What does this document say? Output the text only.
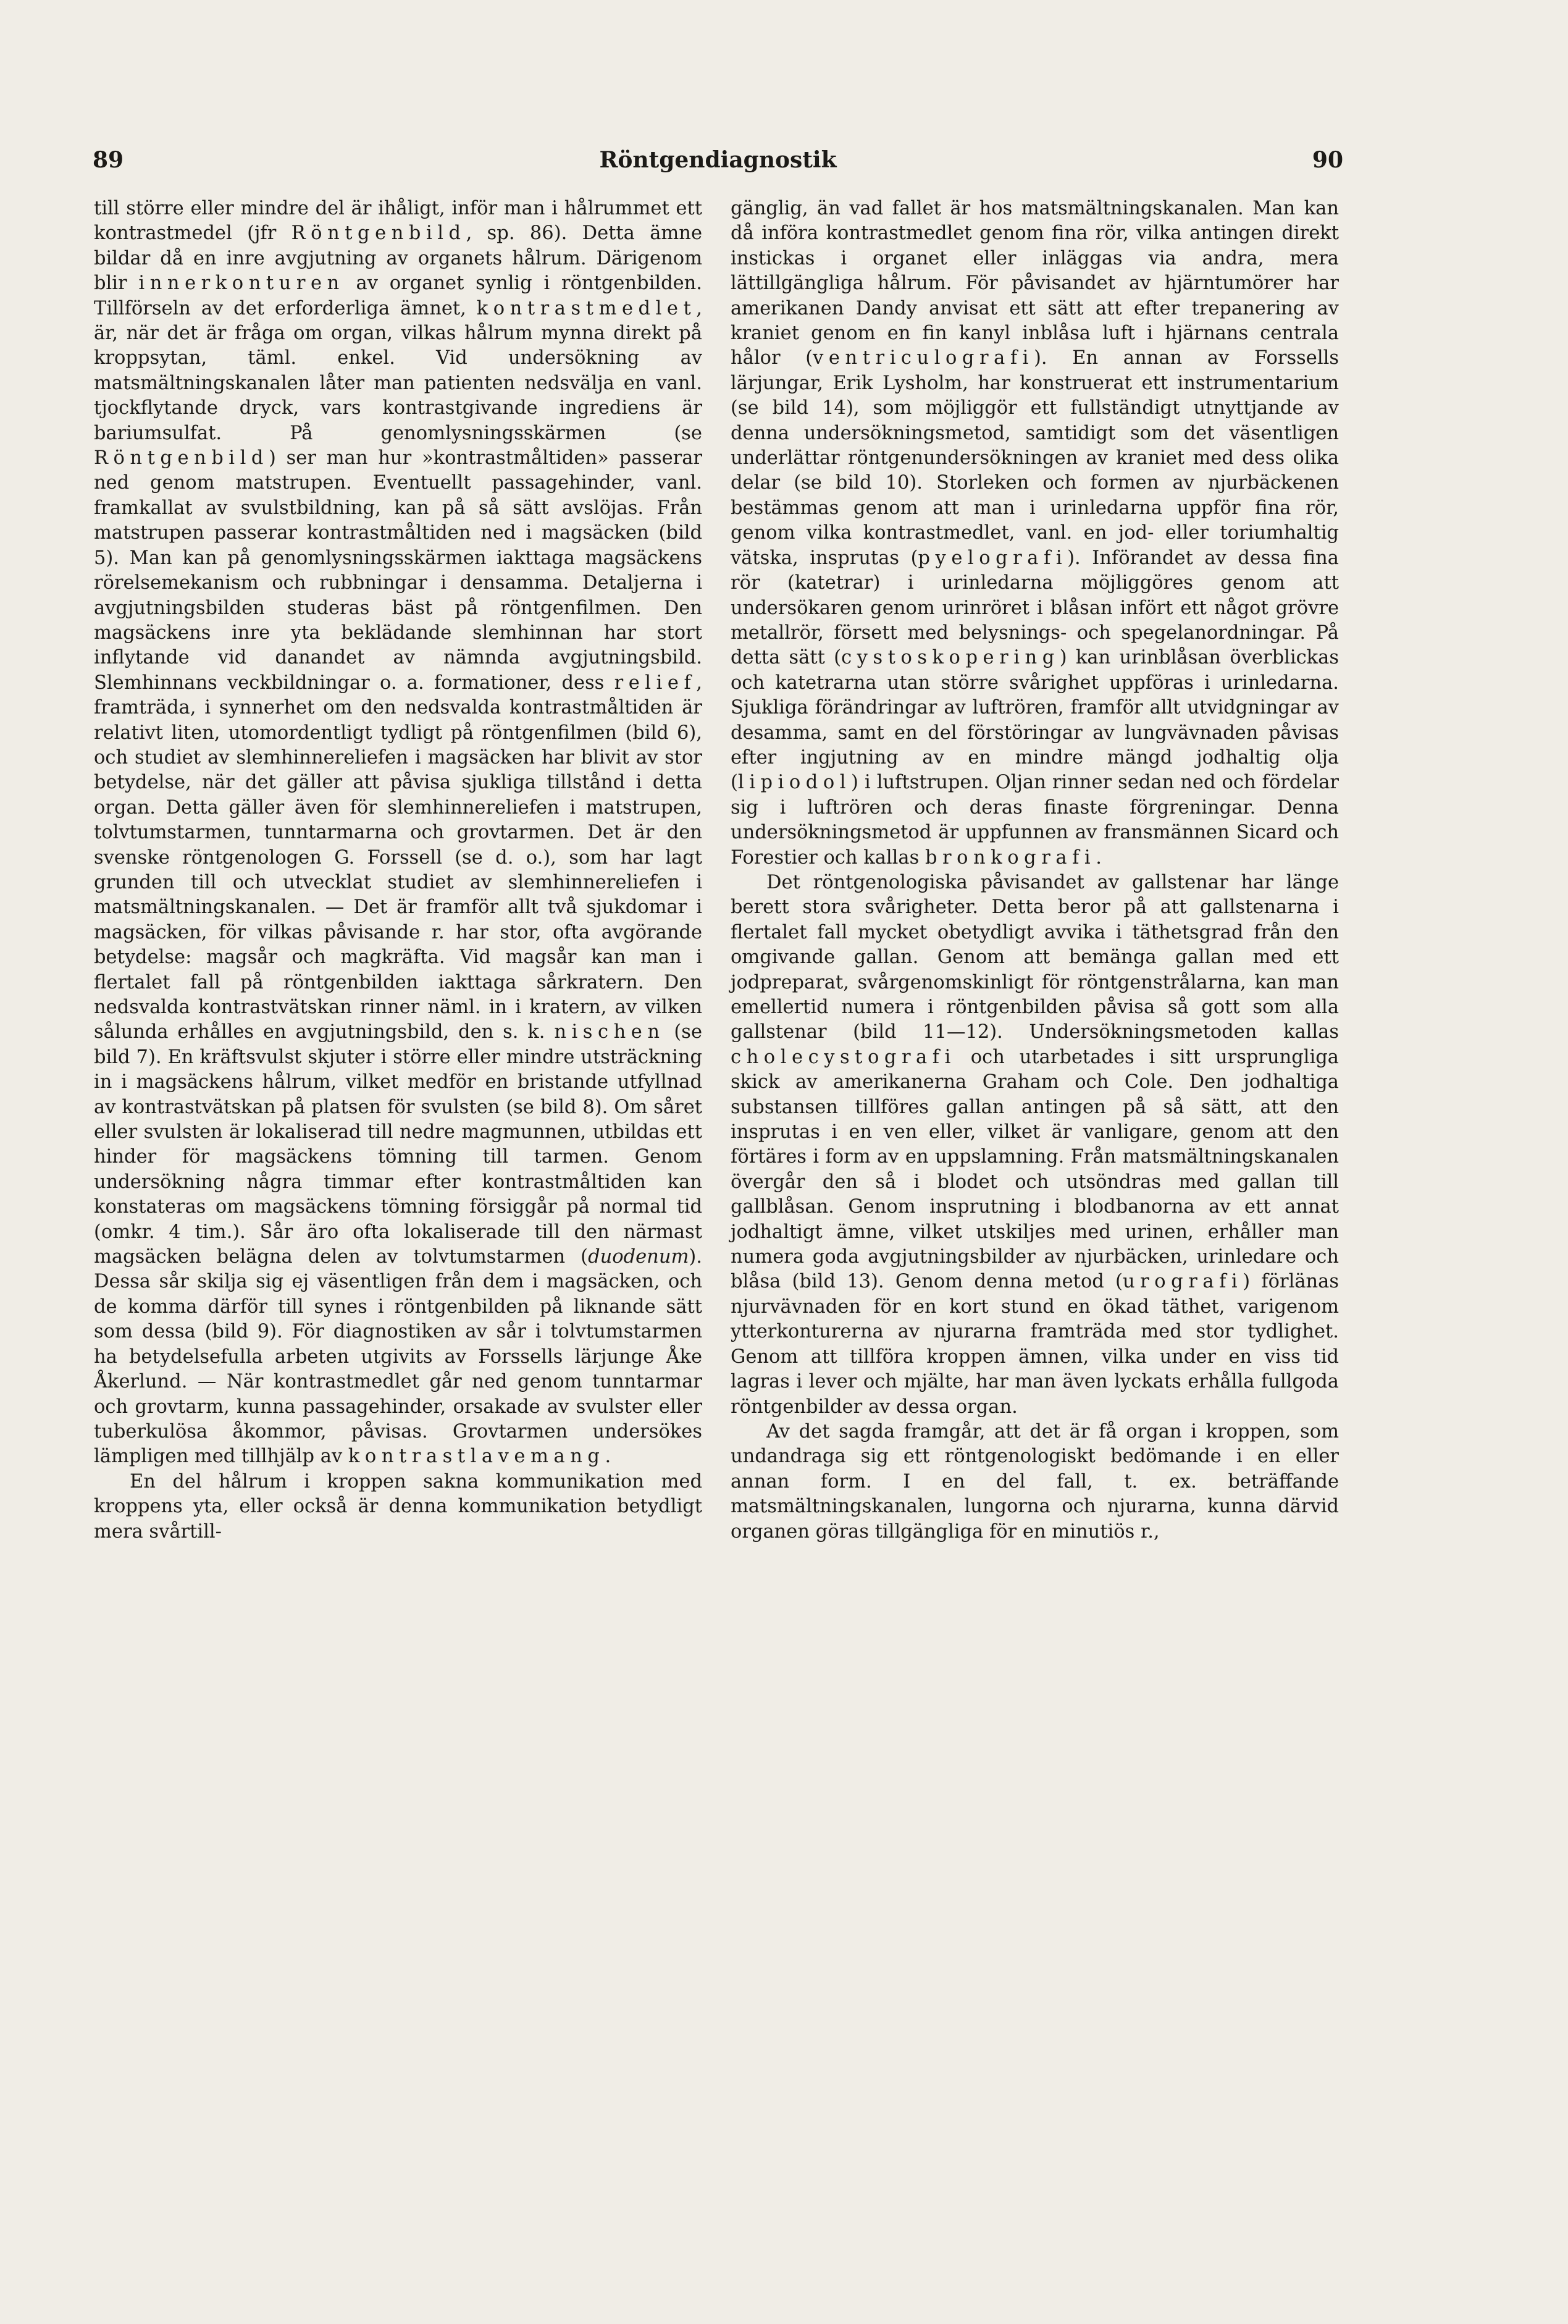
89	Röntgendiagnostik	90

till större eller mindre del är ihåligt, inför man i hålrummet ett kontrastmedel (jfr Röntgenbild, sp. 86). Detta ämne bildar då en inre avgjutning av organets hålrum. Därigenom blir innerkonturen av organet synlig i röntgenbilden. Tillförseln av det erforderliga ämnet, kontrastmedlet, är, när det är fråga om organ, vilkas hålrum mynna direkt på kroppsytan, täml. enkel. Vid undersökning av matsmältningskanalen låter man patienten nedsvälja en vanl. tjockflytande dryck, vars kontrastgivande ingrediens är bariumsulfat. På genomlysningsskärmen (se Röntgenbild) ser man hur »kontrastmåltiden» passerar ned genom matstrupen. Eventuellt passagehinder, vanl. framkallat av svulstbildning, kan på så sätt avslöjas. Från matstrupen passerar kontrastmåltiden ned i magsäcken (bild 5). Man kan på genomlysningsskärmen iakttaga magsäckens rörelsemekanism och rubbningar i densamma. Detaljerna i avgjutningsbilden studeras bäst på röntgenfilmen. Den magsäckens inre yta beklädande slemhinnan har stort inflytande vid danandet av nämnda avgjutningsbild. Slemhinnans veckbildningar o. a. formationer, dess relief, framträda, i synnerhet om den nedsvalda kontrastmåltiden är relativt liten, utomordentligt tydligt på röntgenfilmen (bild 6), och studiet av slemhinnereliefen i magsäcken har blivit av stor betydelse, när det gäller att påvisa sjukliga tillstånd i detta organ. Detta gäller även för slemhinnereliefen i matstrupen, tolvtumstarmen, tunntarmarna och grovtarmen. Det är den svenske röntgenologen G. Forssell (se d. o.), som har lagt grunden till och utvecklat studiet av slemhinnereliefen i matsmältningskanalen. — Det är framför allt två sjukdomar i magsäcken, för vilkas påvisande r. har stor, ofta avgörande betydelse: magsår och magkräfta. Vid magsår kan man i flertalet fall på röntgenbilden iakttaga sårkratern. Den nedsvalda kontrastvätskan rinner näml. in i kratern, av vilken sålunda erhålles en avgjutningsbild, den s. k. nischen (se bild 7). En kräftsvulst skjuter i större eller mindre utsträckning in i magsäckens hålrum, vilket medför en bristande utfyllnad av kontrastvätskan på platsen för svulsten (se bild 8). Om såret eller svulsten är lokaliserad till nedre magmunnen, utbildas ett hinder för magsäckens tömning till tarmen. Genom undersökning några timmar efter kontrastmåltiden kan konstateras om magsäckens tömning försiggår på normal tid (omkr. 4 tim.). Sår äro ofta lokaliserade till den närmast magsäcken belägna delen av tolvtumstarmen (duodenum). Dessa sår skilja sig ej väsentligen från dem i magsäcken, och de komma därför till synes i röntgenbilden på liknande sätt som dessa (bild 9). För diagnostiken av sår i tolvtumstarmen ha betydelsefulla arbeten utgivits av Forssells lärjunge Åke Åkerlund. — När kontrastmedlet går ned genom tunntarmar och grovtarm, kunna passagehinder, orsakade av svulster eller tuberkulösa åkommor, påvisas. Grovtarmen undersökes lämpligen med tillhjälp av kontrastlavemang.

En del hålrum i kroppen sakna kommunikation med kroppens yta, eller också är denna kommunikation betydligt mera svårtill-

gänglig, än vad fallet är hos matsmältningskanalen. Man kan då införa kontrastmedlet genom fina rör, vilka antingen direkt instickas i organet eller inläggas via andra, mera lättillgängliga hålrum. För påvisandet av hjärntumörer har amerikanen Dandy anvisat ett sätt att efter trepanering av kraniet genom en fin kanyl inblåsa luft i hjärnans centrala hålor (ventriculografi). En annan av Forssells lärjungar, Erik Lysholm, har konstruerat ett instrumentarium (se bild 14), som möjliggör ett fullständigt utnyttjande av denna undersökningsmetod, samtidigt som det väsentligen underlättar röntgenundersökningen av kraniet med dess olika delar (se bild 10). Storleken och formen av njurbäckenen bestämmas genom att man i urinledarna uppför fina rör, genom vilka kontrastmedlet, vanl. en jod- eller toriumhaltig vätska, insprutas (pyelografi). Införandet av dessa fina rör (katetrar) i urinledarna möjliggöres genom att undersökaren genom urinröret i blåsan infört ett något grövre metallrör, försett med belysnings- och spegelanordningar. På detta sätt (cystoskopering) kan urinblåsan överblickas och katetrarna utan större svårighet uppföras i urinledarna. Sjukliga förändringar av luftrören, framför allt utvidgningar av desamma, samt en del förstöringar av lungvävnaden påvisas efter ingjutning av en mindre mängd jodhaltig olja (lipiodol) i luftstrupen. Oljan rinner sedan ned och fördelar sig i luftrören och deras finaste förgreningar. Denna undersökningsmetod är uppfunnen av fransmännen Sicard och Forestier och kallas bronkografi.

Det röntgenologiska påvisandet av gallstenar har länge berett stora svårigheter. Detta beror på att gallstenarna i flertalet fall mycket obetydligt avvika i täthetsgrad från den omgivande gallan. Genom att bemänga gallan med ett jodpreparat, svårgenomskinligt för röntgenstrålarna, kan man emellertid numera i röntgenbilden påvisa så gott som alla gallstenar (bild 11—12). Undersökningsmetoden kallas cholecystografi och utarbetades i sitt ursprungliga skick av amerikanerna Graham och Cole. Den jodhaltiga substansen tillföres gallan antingen på så sätt, att den insprutas i en ven eller, vilket är vanligare, genom att den förtäres i form av en uppslamning. Från matsmältningskanalen övergår den så i blodet och utsöndras med gallan till gallblåsan. Genom insprutning i blodbanorna av ett annat jodhaltigt ämne, vilket utskiljes med urinen, erhåller man numera goda avgjutningsbilder av njurbäcken, urinledare och blåsa (bild 13). Genom denna metod (urografi) förlänas njurvävnaden för en kort stund en ökad täthet, varigenom ytterkonturerna av njurarna framträda med stor tydlighet. Genom att tillföra kroppen ämnen, vilka under en viss tid lagras i lever och mjälte, har man även lyckats erhålla fullgoda röntgenbilder av dessa organ.

Av det sagda framgår, att det är få organ i kroppen, som undandraga sig ett röntgenologiskt bedömande i en eller annan form. I en del fall, t. ex. beträffande matsmältningskanalen, lungorna och njurarna, kunna därvid organen göras tillgängliga för en minutiös r.,
